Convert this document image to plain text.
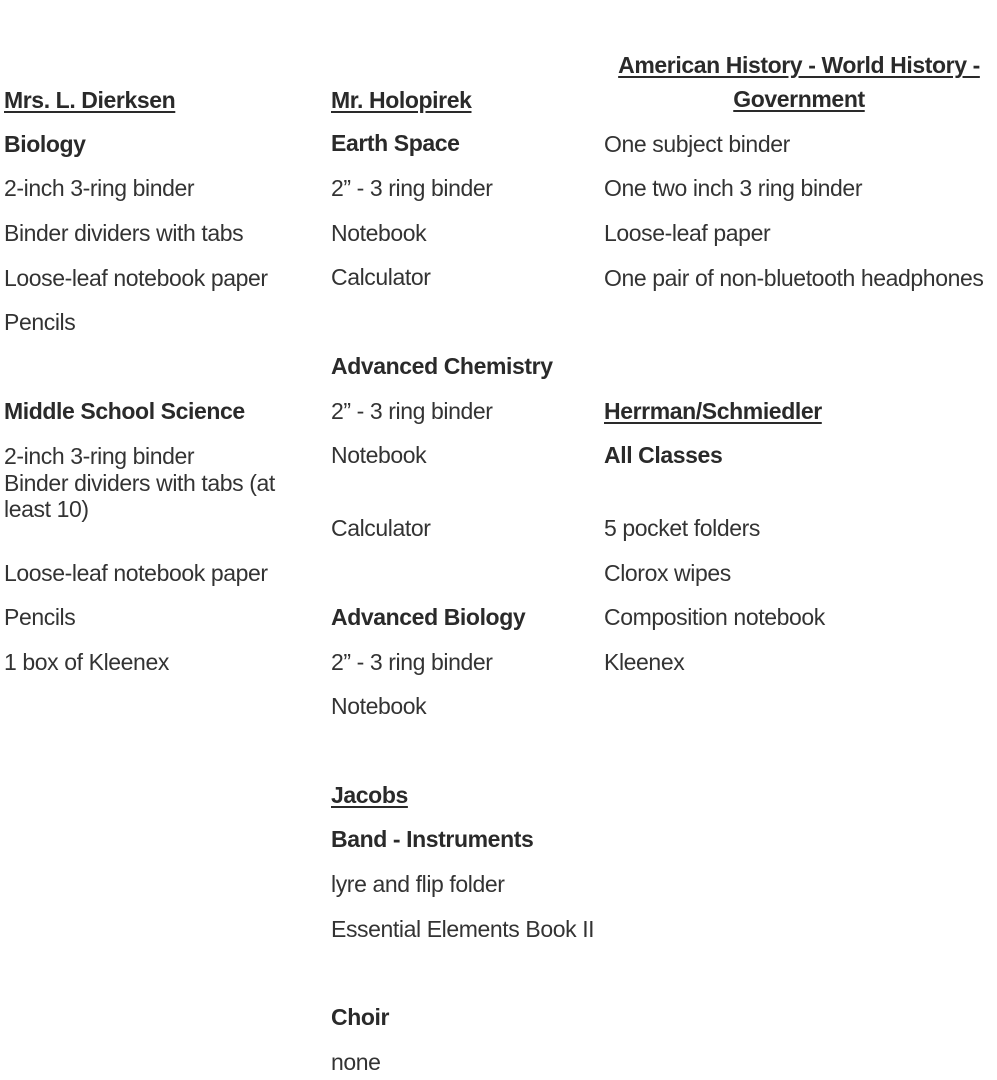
Mrs. L. Dierksen
Biology
2-inch 3-ring binder
Binder dividers with tabs
Loose-leaf notebook paper
Pencils
Middle School Science
2-inch 3-ring binder
Binder dividers with tabs (at least 10)
Loose-leaf notebook paper
Pencils
1 box of Kleenex
Mr. Holopirek
Earth Space
2” - 3 ring binder
Notebook
Calculator
Advanced Chemistry
2” - 3 ring binder
Notebook
Calculator
Advanced Biology
2” - 3 ring binder
Notebook
Jacobs
Band - Instruments
lyre and flip folder
Essential Elements Book II
Choir
none
American History - World History -
Government
One subject binder
One two inch 3 ring binder
Loose-leaf paper
One pair of non-bluetooth headphones
Herrman/Schmiedler
All Classes
5 pocket folders
Clorox wipes
Composition notebook
Kleenex
